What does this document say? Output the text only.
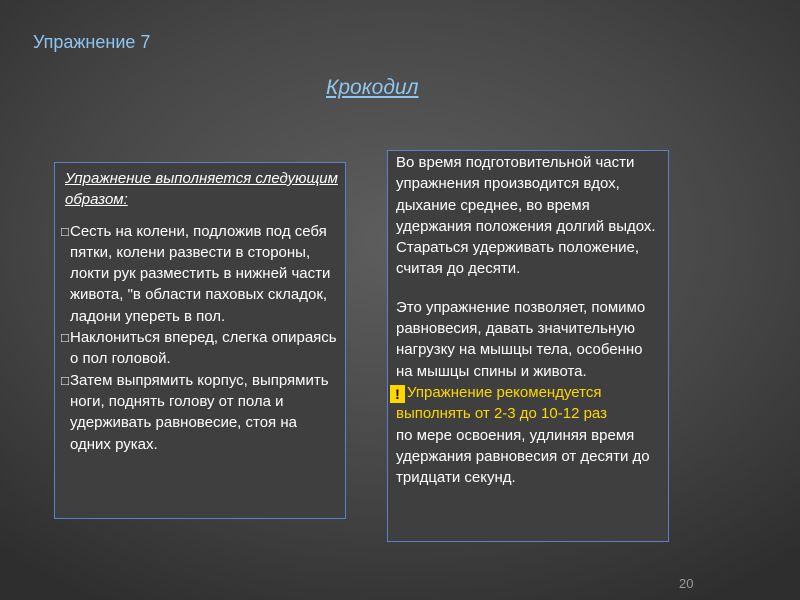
Упражнение 7
Крокодил
Упражнение выполняется следующим образом:
□ Сесть на колени, подложив под себя пятки, колени развести в стороны, локти рук разместить в нижней части живота, "в области паховых складок, ладони упереть в пол.
□ Наклониться вперед, слегка опираясь о пол головой.
□ Затем выпрямить корпус, выпрямить ноги, поднять голову от пола и удерживать равновесие, стоя на одних руках.
Во время подготовительной части упражнения производится вдох, дыхание среднее, во время удержания положения долгий выдох. Стараться удерживать положение, считая до десяти.
Это упражнение позволяет, помимо равновесия, давать значительную нагрузку на мышцы тела, особенно на мышцы спины и живота.
! Упражнение рекомендуется выполнять от 2-3 до 10-12 раз
по мере освоения, удлиняя время удержания равновесия от десяти до тридцати секунд.
20
